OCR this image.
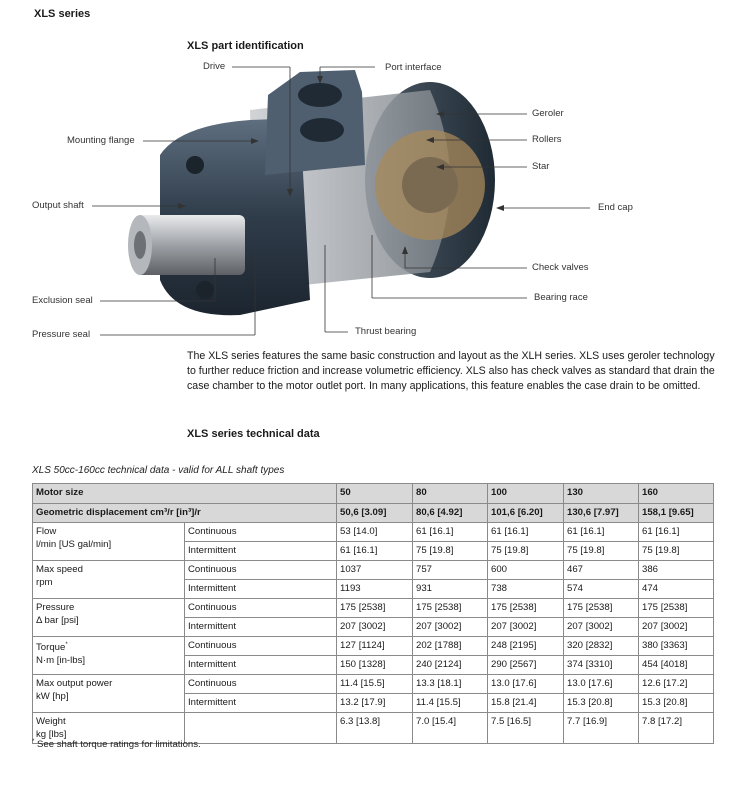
XLS series
XLS part identification
Drive	Port interface
Geroler
Rollers
Star
End cap
Check valves
Bearing race
Mounting flange
Output shaft
Exclusion seal
Pressure seal	Thrust bearing
The XLS series features the same basic construction and layout as the XLH series. XLS uses geroler technology to further reduce friction and increase volumetric efficiency. XLS also has check valves as standard that drain the case chamber to the motor outlet port. In many applications, this feature enables the case drain to be omitted.
XLS series technical data
XLS 50cc-160cc technical data - valid for ALL shaft types
Motor size		50	80	100	130	160
Geometric displacement cm³/r [in³]/r		50,6 [3.09]	80,6 [4.92]	101,6 [6.20]	130,6 [7.97]	158,1 [9.65]
Flow
l/min [US gal/min]	Continuous	53 [14.0]	61 [16.1]	61 [16.1]	61 [16.1]	61 [16.1]
	Intermittent	61 [16.1]	75 [19.8]	75 [19.8]	75 [19.8]	75 [19.8]
Max speed
rpm	Continuous	1037	757	600	467	386
	Intermittent	1193	931	738	574	474
Pressure
Δ bar [psi]	Continuous	175 [2538]	175 [2538]	175 [2538]	175 [2538]	175 [2538]
	Intermittent	207 [3002]	207 [3002]	207 [3002]	207 [3002]	207 [3002]
Torque*
N·m [in-lbs]	Continuous	127 [1124]	202 [1788]	248 [2195]	320 [2832]	380 [3363]
	Intermittent	150 [1328]	240 [2124]	290 [2567]	374 [3310]	454 [4018]
Max output power
kW [hp]	Continuous	11.4 [15.5]	13.3 [18.1]	13.0 [17.6]	13.0 [17.6]	12.6 [17.2]
	Intermittent	13.2 [17.9]	11.4 [15.5]	15.8 [21.4]	15.3 [20.8]	15.3 [20.8]
Weight
kg [lbs]		6.3 [13.8]	7.0 [15.4]	7.5 [16.5]	7.7 [16.9]	7.8 [17.2]
* See shaft torque ratings for limitations.
